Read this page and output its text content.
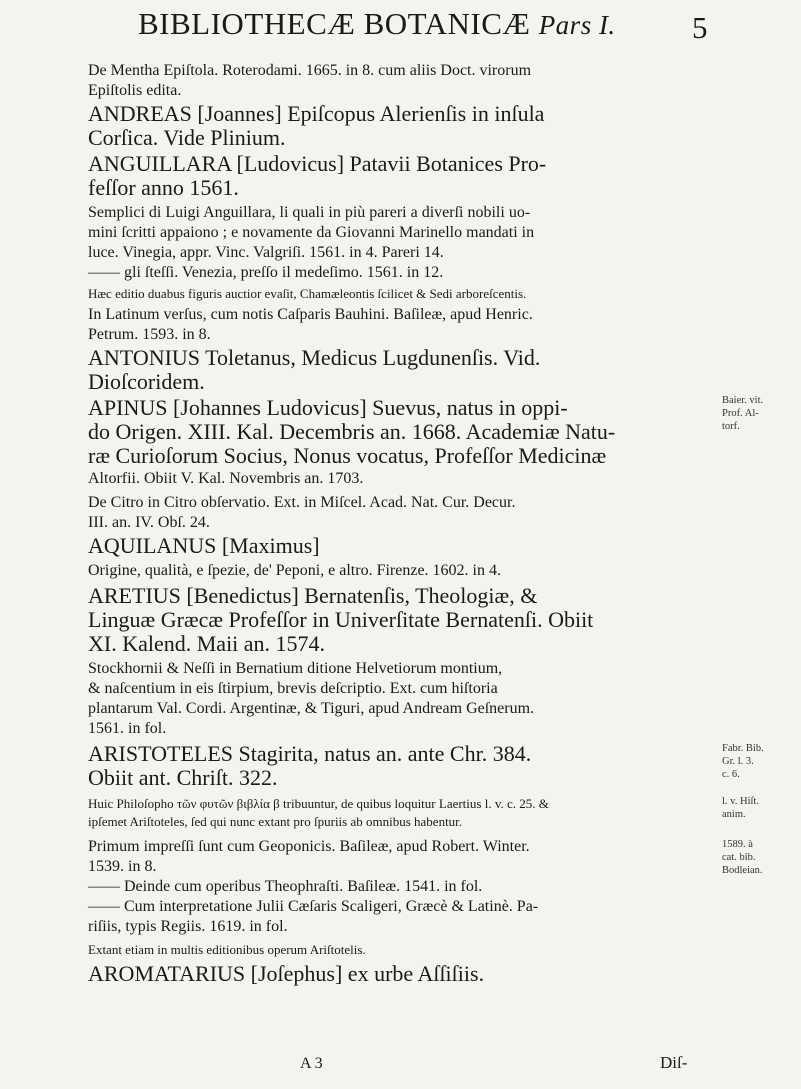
BIBLIOTHECÆ BOTANICÆ Pars I. 5
De Mentha Epiſtola. Roterodami. 1665. in 8. cum aliis Doct. virorum
Epiſtolis edita.
ANDREAS [Joannes] Epiſcopus Alerienſis in inſula
Corſica. Vide Plinium.
ANGUILLARA [Ludovicus] Patavii Botanices Pro-
feſſor anno 1561.
Semplici di Luigi Anguillara, li quali in più pareri a diverſi nobili uo-
mini ſcritti appaiono ; e novamente da Giovanni Marinello mandati in
luce. Vinegia, appr. Vinc. Valgriſi. 1561. in 4. Pareri 14.
—— gli ſteſſi. Venezia, preſſo il medeſimo. 1561. in 12.
Hæc editio duabus figuris auctior evaſit, Chamæleontis ſcilicet & Sedi arboreſcentis.
In Latinum verſus, cum notis Caſparis Bauhini. Baſileæ, apud Henric.
Petrum. 1593. in 8.
ANTONIUS Toletanus, Medicus Lugdunenſis. Vid.
Dioſcoridem.
APINUS [Johannes Ludovicus] Suevus, natus in oppi-
do Origen. XIII. Kal. Decembris an. 1668. Academiæ Natu-
ræ Curioſorum Socius, Nonus vocatus, Profeſſor Medicinæ
Altorfii. Obiit V. Kal. Novembris an. 1703.
De Citro in Citro obſervatio. Ext. in Miſcel. Acad. Nat. Cur. Decur.
III. an. IV. Obſ. 24.
AQUILANUS [Maximus]
Origine, qualità, e ſpezie, de' Peponi, e altro. Firenze. 1602. in 4.
ARETIUS [Benedictus] Bernatenſis, Theologiæ, &
Linguæ Græcæ Profeſſor in Univerſitate Bernatenſi. Obiit
XI. Kalend. Maii an. 1574.
Stockhornii & Neſſi in Bernatium ditione Helvetiorum montium,
& naſcentium in eis ſtirpium, brevis deſcriptio. Ext. cum hiſtoria
plantarum Val. Cordi. Argentinæ, & Tiguri, apud Andream Geſnerum.
1561. in fol.
ARISTOTELES Stagirita, natus an. ante Chr. 384.
Obiit ant. Chriſt. 322.
Huic Philoſopho τῶν φυτῶν βιβλία β tribuuntur, de quibus loquitur Laertius l. v. c. 25. &
ipſemet Ariſtoteles, ſed qui nunc extant pro ſpuriis ab omnibus habentur.
Primum impreſſi ſunt cum Geoponicis. Baſileæ, apud Robert. Winter.
1539. in 8.
—— Deinde cum operibus Theophraſti. Baſileæ. 1541. in fol.
—— Cum interpretatione Julii Cæſaris Scaligeri, Græcè & Latinè. Pa-
riſiis, typis Regiis. 1619. in fol.
Extant etiam in multis editionibus operum Ariſtotelis.
AROMATARIUS [Joſephus] ex urbe Aſſiſiis.
Baier. vit.
Prof. Al-
torf.
Fabr. Bib.
Gr. l. 3.
c. 6.
l. v. Hiſt.
anim.
1589. à
cat. bib.
Bodleian.
A 3	Diſ-
